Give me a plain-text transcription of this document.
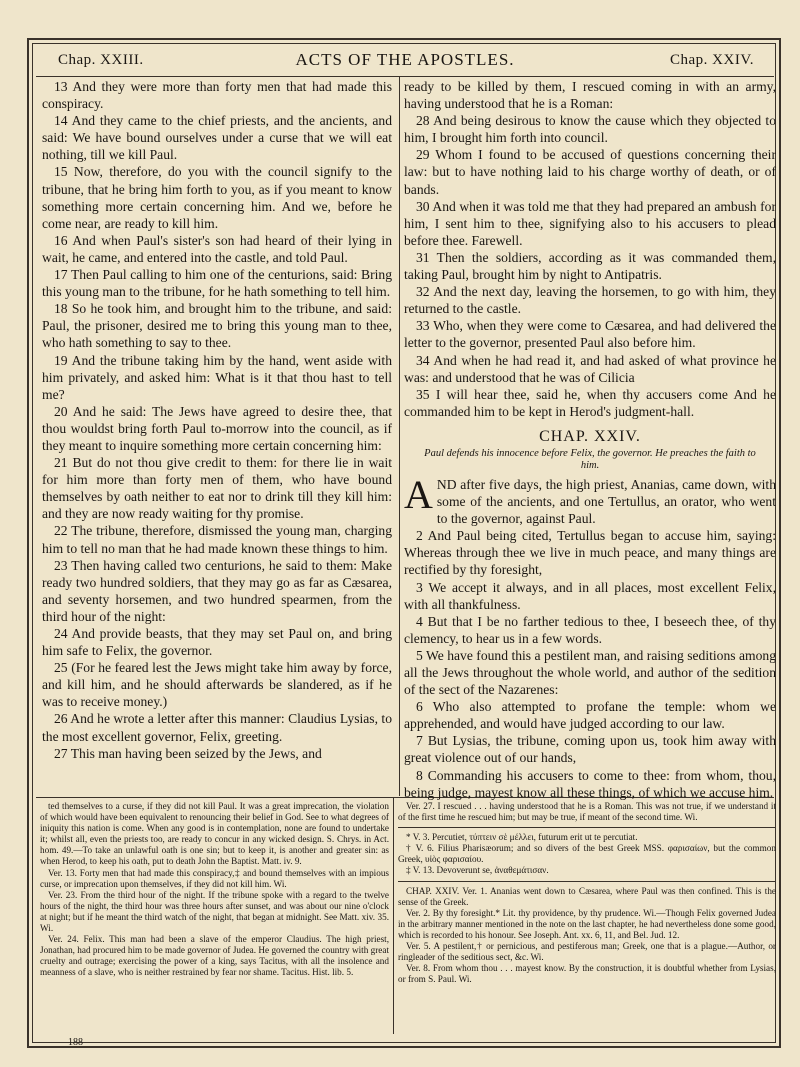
Chap. XXIII.	ACTS OF THE APOSTLES.	Chap. XXIV.

13 And they were more than forty men that had made this conspiracy.

14 And they came to the chief priests, and the ancients, and said: We have bound ourselves under a curse that we will eat nothing, till we kill Paul.

15 Now, therefore, do you with the council signify to the tribune, that he bring him forth to you, as if you meant to know something more certain concerning him. And we, before he come near, are ready to kill him.

16 And when Paul's sister's son had heard of their lying in wait, he came, and entered into the castle, and told Paul.

17 Then Paul calling to him one of the centurions, said: Bring this young man to the tribune, for he hath something to tell him.

18 So he took him, and brought him to the tribune, and said: Paul, the prisoner, desired me to bring this young man to thee, who hath something to say to thee.

19 And the tribune taking him by the hand, went aside with him privately, and asked him: What is it that thou hast to tell me?

20 And he said: The Jews have agreed to desire thee, that thou wouldst bring forth Paul to-morrow into the council, as if they meant to inquire something more certain concerning him:

21 But do not thou give credit to them: for there lie in wait for him more than forty men of them, who have bound themselves by oath neither to eat nor to drink till they kill him: and they are now ready waiting for thy promise.

22 The tribune, therefore, dismissed the young man, charging him to tell no man that he had made known these things to him.

23 Then having called two centurions, he said to them: Make ready two hundred soldiers, that they may go as far as Cæsarea, and seventy horsemen, and two hundred spearmen, from the third hour of the night:

24 And provide beasts, that they may set Paul on, and bring him safe to Felix, the governor.

25 (For he feared lest the Jews might take him away by force, and kill him, and he should afterwards be slandered, as if he was to receive money.)

26 And he wrote a letter after this manner: Claudius Lysias, to the most excellent governor, Felix, greeting.

27 This man having been seized by the Jews, and

ready to be killed by them, I rescued coming in with an army, having understood that he is a Roman:

28 And being desirous to know the cause which they objected to him, I brought him forth into council.

29 Whom I found to be accused of questions concerning their law: but to have nothing laid to his charge worthy of death, or of bands.

30 And when it was told me that they had prepared an ambush for him, I sent him to thee, signifying also to his accusers to plead before thee. Farewell.

31 Then the soldiers, according as it was commanded them, taking Paul, brought him by night to Antipatris.

32 And the next day, leaving the horsemen, to go with him, they returned to the castle.

33 Who, when they were come to Cæsarea, and had delivered the letter to the governor, presented Paul also before him.

34 And when he had read it, and had asked of what province he was: and understood that he was of Cilicia

35 I will hear thee, said he, when thy accusers come And he commanded him to be kept in Herod's judgment-hall.

CHAP. XXIV.
Paul defends his innocence before Felix, the governor. He preaches the faith to him.

AND after five days, the high priest, Ananias, came down, with some of the ancients, and one Tertullus, an orator, who went to the governor, against Paul.

2 And Paul being cited, Tertullus began to accuse him, saying: Whereas through thee we live in much peace, and many things are rectified by thy foresight,

3 We accept it always, and in all places, most excellent Felix, with all thankfulness.

4 But that I be no farther tedious to thee, I beseech thee, of thy clemency, to hear us in a few words.

5 We have found this a pestilent man, and raising seditions among all the Jews throughout the whole world, and author of the sedition of the sect of the Nazarenes:

6 Who also attempted to profane the temple: whom we apprehended, and would have judged according to our law.

7 But Lysias, the tribune, coming upon us, took him away with great violence out of our hands,

8 Commanding his accusers to come to thee: from whom, thou, being judge, mayest know all these things, of which we accuse him.

ted themselves to a curse, if they did not kill Paul. It was a great imprecation, the violation of which would have been equivalent to renouncing their belief in God. See to what degrees of iniquity this nation is come. When any good is in contemplation, none are found to undertake it; whilst all, even the priests too, are ready to concur in any wicked design. S. Chrys. in Act. hom. 49.—To take an unlawful oath is one sin; but to keep it, is another and greater sin: as when Herod, to keep his oath, put to death John the Baptist. Matt. iv. 9.

Ver. 13. Forty men that had made this conspiracy,‡ and bound themselves with an impious curse, or imprecation upon themselves, if they did not kill him. Wi.

Ver. 23. From the third hour of the night. If the tribune spoke with a regard to the twelve hours of the night, the third hour was three hours after sunset, and was about our nine o'clock at night; but if he meant the third watch of the night, that began at midnight. See Matt. xiv. 35. Wi.

Ver. 24. Felix. This man had been a slave of the emperor Claudius. The high priest, Jonathan, had procured him to be made governor of Judea. He governed the country with great cruelty and outrage; exercising the power of a king, says Tacitus, with all the insolence and meanness of a slave, who is neither restrained by fear nor shame. Tacitus. Hist. lib. 5.

188

Ver. 27. I rescued . . . having understood that he is a Roman. This was not true, if we understand it of the first time he rescued him; but may be true, if meant of the second time. Wi.

* V. 3. Percutiet, τύπτειν σὲ μέλλει, futurum erit ut te percutiat.

† V. 6. Filius Pharisæorum; and so divers of the best Greek MSS. φαρισαίων, but the common Greek, υἱὸς φαρισαίου.

‡ V. 13. Devoverunt se, ἀναθεμάτισαν.

CHAP. XXIV. Ver. 1. Ananias went down to Cæsarea, where Paul was then confined. This is the sense of the Greek.

Ver. 2. By thy foresight.* Lit. thy providence, by thy prudence. Wi.—Though Felix governed Judea in the arbitrary manner mentioned in the note on the last chapter, he had nevertheless done some good, which is recorded to his honour. See Joseph. Ant. xx. 6, 11, and Bel. Jud. 12.

Ver. 5. A pestilent,† or pernicious, and pestiferous man; Greek, one that is a plague.—Author, or ringleader of the seditious sect, &c. Wi.

Ver. 8. From whom thou . . . mayest know. By the construction, it is doubtful whether from Lysias, or from S. Paul. Wi.
